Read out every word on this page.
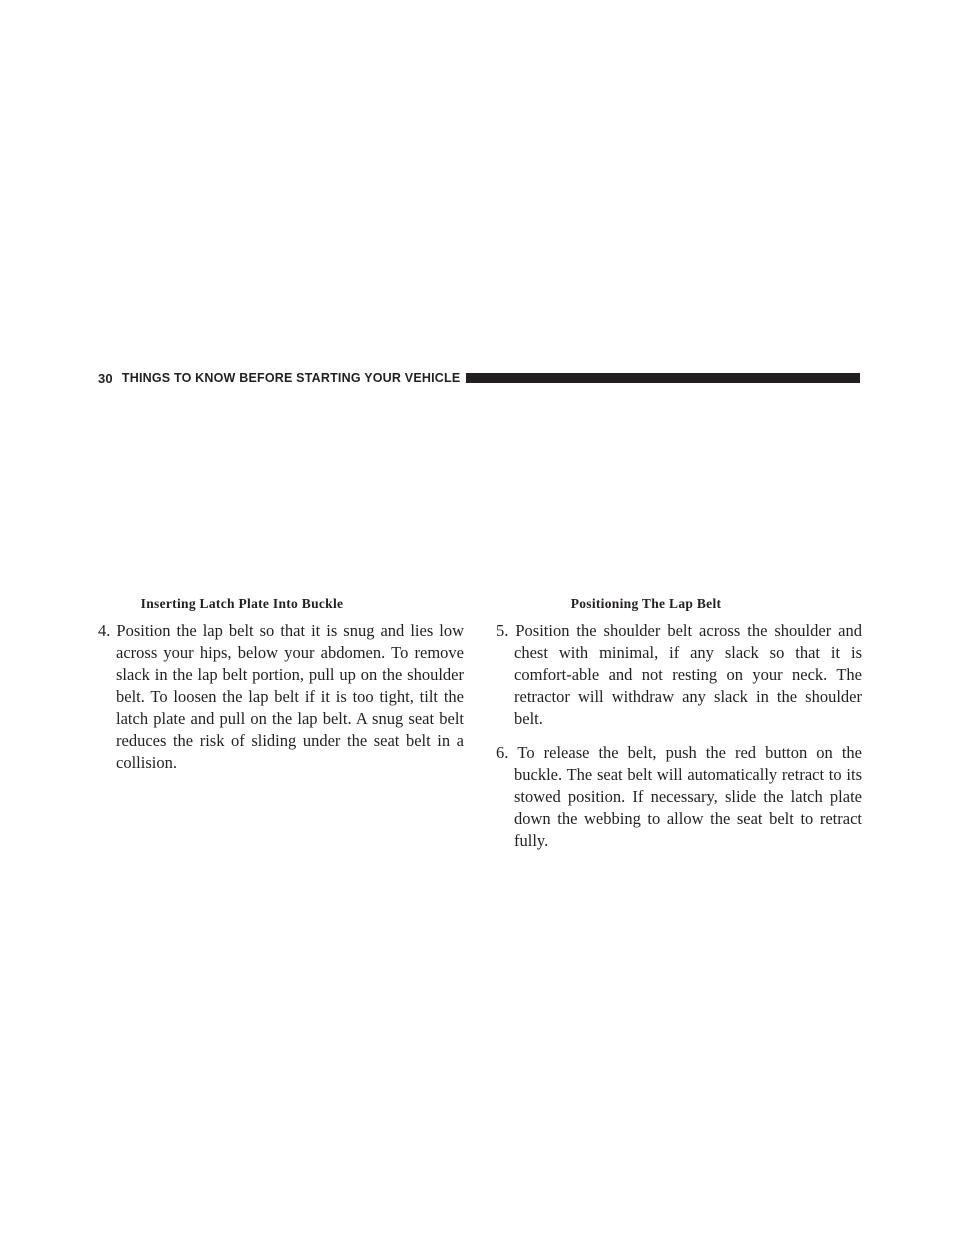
30 THINGS TO KNOW BEFORE STARTING YOUR VEHICLE
Inserting Latch Plate Into Buckle

4. Position the lap belt so that it is snug and lies low across your hips, below your abdomen. To remove slack in the lap belt portion, pull up on the shoulder belt. To loosen the lap belt if it is too tight, tilt the latch plate and pull on the lap belt. A snug seat belt reduces the risk of sliding under the seat belt in a collision.

Positioning The Lap Belt

5. Position the shoulder belt across the shoulder and chest with minimal, if any slack so that it is comfort-able and not resting on your neck. The retractor will withdraw any slack in the shoulder belt.

6. To release the belt, push the red button on the buckle. The seat belt will automatically retract to its stowed position. If necessary, slide the latch plate down the webbing to allow the seat belt to retract fully.
